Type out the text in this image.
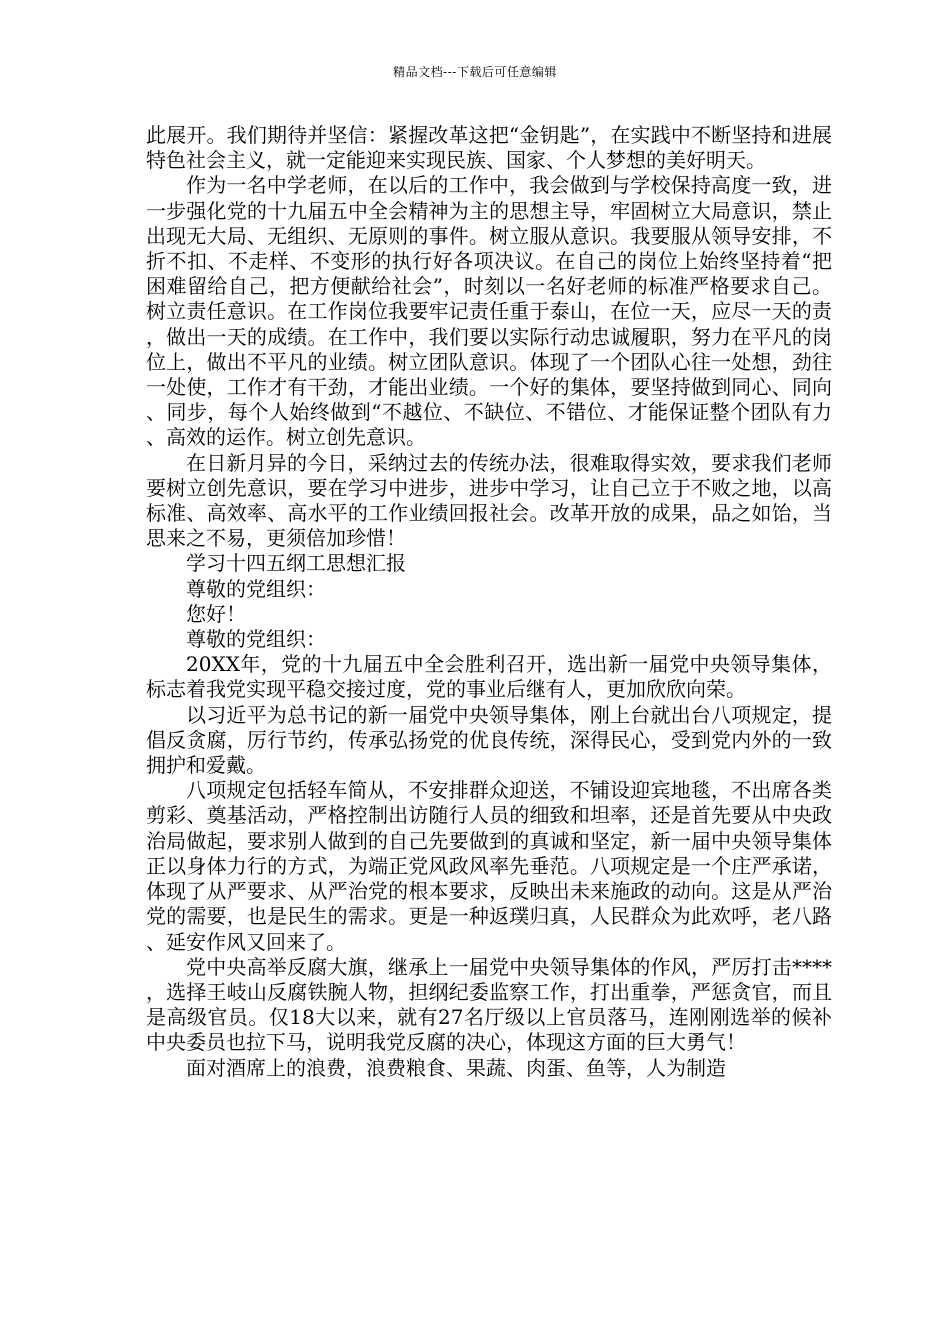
精品文档---下载后可任意编辑

此展开。我们期待并坚信：紧握改革这把“金钥匙”，在实践中不断坚持和进展特色社会主义，就一定能迎来实现民族、国家、个人梦想的美好明天。

作为一名中学老师，在以后的工作中，我会做到与学校保持高度一致，进一步强化党的十九届五中全会精神为主的思想主导，牢固树立大局意识，禁止出现无大局、无组织、无原则的事件。树立服从意识。我要服从领导安排，不折不扣、不走样、不变形的执行好各项决议。在自己的岗位上始终坚持着“把困难留给自己，把方便献给社会”，时刻以一名好老师的标准严格要求自己。树立责任意识。在工作岗位我要牢记责任重于泰山，在位一天，应尽一天的责，做出一天的成绩。在工作中，我们要以实际行动忠诚履职，努力在平凡的岗位上，做出不平凡的业绩。树立团队意识。体现了一个团队心往一处想，劲往一处使，工作才有干劲，才能出业绩。一个好的集体，要坚持做到同心、同向、同步，每个人始终做到“不越位、不缺位、不错位、才能保证整个团队有力、高效的运作。树立创先意识。

在日新月异的今日，采纳过去的传统办法，很难取得实效，要求我们老师要树立创先意识，要在学习中进步，进步中学习，让自己立于不败之地，以高标准、高效率、高水平的工作业绩回报社会。改革开放的成果，品之如饴，当思来之不易，更须倍加珍惜！

学习十四五纲工思想汇报

尊敬的党组织：

您好！

尊敬的党组织：

20XX年，党的十九届五中全会胜利召开，选出新一届党中央领导集体，标志着我党实现平稳交接过度，党的事业后继有人，更加欣欣向荣。

以习近平为总书记的新一届党中央领导集体，刚上台就出台八项规定，提倡反贪腐，厉行节约，传承弘扬党的优良传统，深得民心，受到党内外的一致拥护和爱戴。

八项规定包括轻车简从，不安排群众迎送，不铺设迎宾地毯，不出席各类剪彩、奠基活动，严格控制出访随行人员的细致和坦率，还是首先要从中央政治局做起，要求别人做到的自己先要做到的真诚和坚定，新一届中央领导集体正以身体力行的方式，为端正党风政风率先垂范。八项规定是一个庄严承诺，体现了从严要求、从严治党的根本要求，反映出未来施政的动向。这是从严治党的需要，也是民生的需求。更是一种返璞归真，人民群众为此欢呼，老八路、延安作风又回来了。

党中央高举反腐大旗，继承上一届党中央领导集体的作风，严厉打击****，选择王岐山反腐铁腕人物，担纲纪委监察工作，打出重拳，严惩贪官，而且是高级官员。仅18大以来，就有27名厅级以上官员落马，连刚刚选举的候补中央委员也拉下马，说明我党反腐的决心，体现这方面的巨大勇气！

面对酒席上的浪费，浪费粮食、果蔬、肉蛋、鱼等，人为制造
